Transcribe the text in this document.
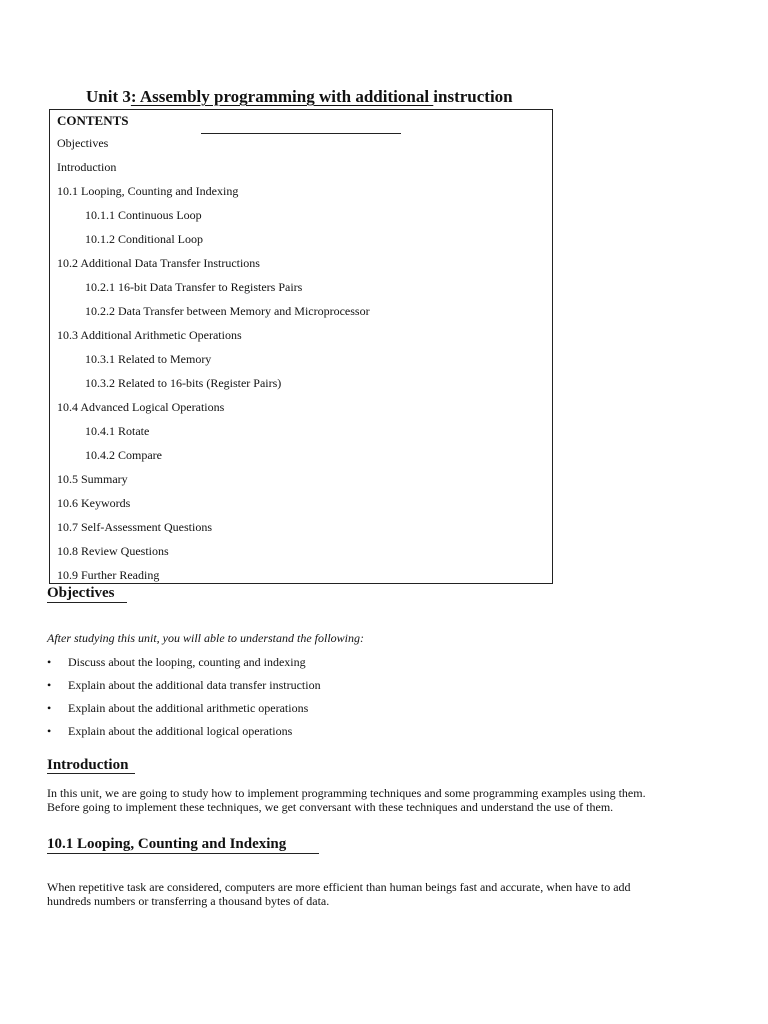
Unit 3: Assembly programming with additional instruction
CONTENTS
Objectives
Introduction
10.1 Looping, Counting and Indexing
10.1.1 Continuous Loop
10.1.2 Conditional Loop
10.2 Additional Data Transfer Instructions
10.2.1 16-bit Data Transfer to Registers Pairs
10.2.2 Data Transfer between Memory and Microprocessor
10.3 Additional Arithmetic Operations
10.3.1 Related to Memory
10.3.2 Related to 16-bits (Register Pairs)
10.4 Advanced Logical Operations
10.4.1 Rotate
10.4.2 Compare
10.5 Summary
10.6 Keywords
10.7 Self-Assessment Questions
10.8 Review Questions
10.9 Further Reading
Objectives

After studying this unit, you will able to understand the following:

• Discuss about the looping, counting and indexing
• Explain about the additional data transfer instruction
• Explain about the additional arithmetic operations
• Explain about the additional logical operations
Introduction

In this unit, we are going to study how to implement programming techniques and some programming examples using them. Before going to implement these techniques, we get conversant with these techniques and understand the use of them.

10.1 Looping, Counting and Indexing

When repetitive task are considered, computers are more efficient than human beings fast and accurate, when have to add hundreds numbers or transferring a thousand bytes of data.
